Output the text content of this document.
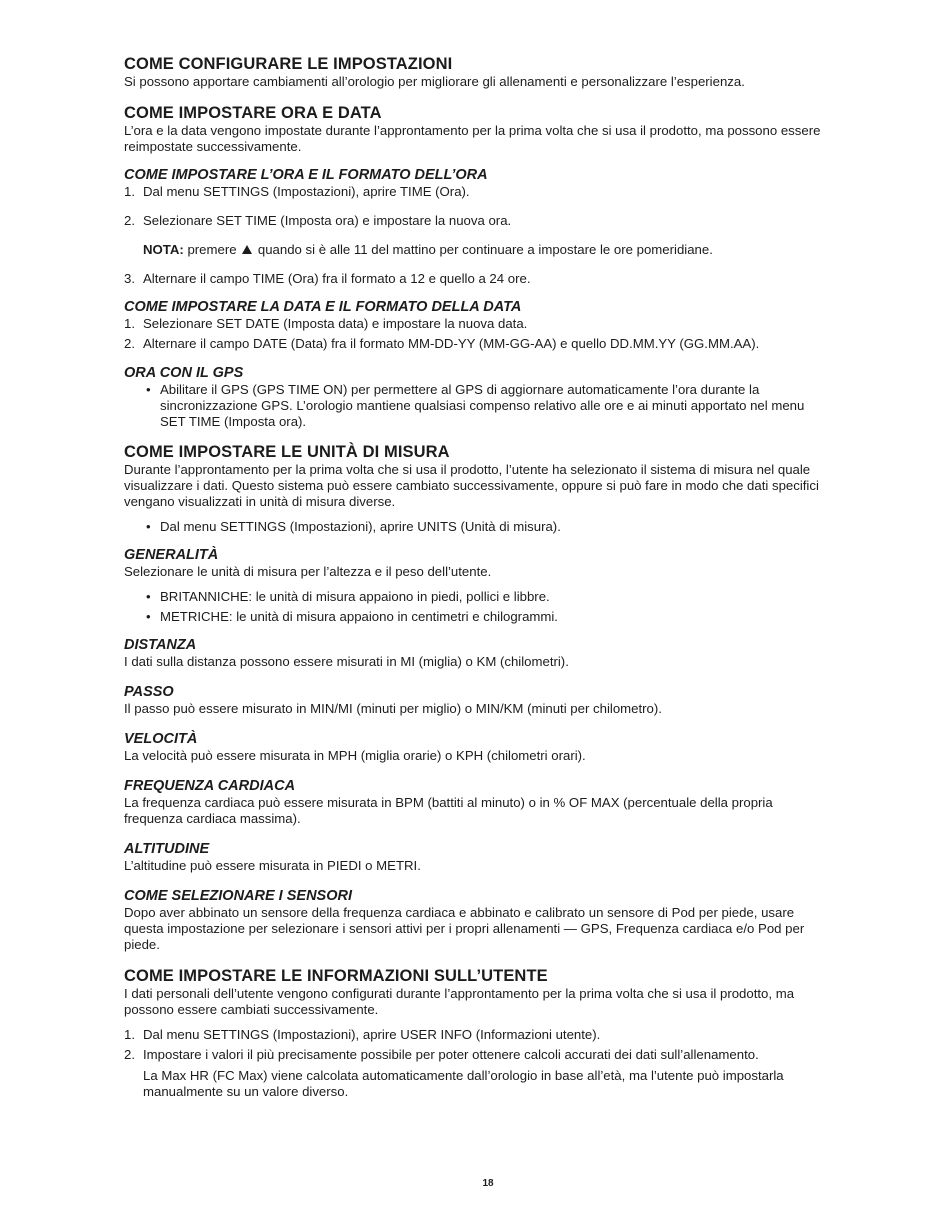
COME CONFIGURARE LE IMPOSTAZIONI

Si possono apportare cambiamenti all’orologio per migliorare gli allenamenti e personalizzare l’esperienza.

COME IMPOSTARE ORA E DATA

L’ora e la data vengono impostate durante l’approntamento per la prima volta che si usa il prodotto, ma possono essere reimpostate successivamente.

COME IMPOSTARE L’ORA E IL FORMATO DELL’ORA
1. Dal menu SETTINGS (Impostazioni), aprire TIME (Ora).
2. Selezionare SET TIME (Imposta ora) e impostare la nuova ora.

NOTA: premere  quando si è alle 11 del mattino per continuare a impostare le ore pomeridiane.

3. Alternare il campo TIME (Ora) fra il formato a 12 e quello a 24 ore.
COME IMPOSTARE LA DATA E IL FORMATO DELLA DATA
1. Selezionare SET DATE (Imposta data) e impostare la nuova data.
2. Alternare il campo DATE (Data) fra il formato MM-DD-YY (MM-GG-AA) e quello DD.MM.YY (GG.MM.AA).
ORA CON IL GPS
• Abilitare il GPS (GPS TIME ON) per permettere al GPS di aggiornare automaticamente l’ora durante la sincronizzazione GPS. L’orologio mantiene qualsiasi compenso relativo alle ore e ai minuti apportato nel menu SET TIME (Imposta ora).
COME IMPOSTARE LE UNITÀ DI MISURA

Durante l’approntamento per la prima volta che si usa il prodotto, l’utente ha selezionato il sistema di misura nel quale visualizzare i dati. Questo sistema può essere cambiato successivamente, oppure si può fare in modo che dati specifici vengano visualizzati in unità di misura diverse.

• Dal menu SETTINGS (Impostazioni), aprire UNITS (Unità di misura).
GENERALITÀ

Selezionare le unità di misura per l’altezza e il peso dell’utente.

• BRITANNICHE: le unità di misura appaiono in piedi, pollici e libbre.
• METRICHE: le unità di misura appaiono in centimetri e chilogrammi.
DISTANZA

I dati sulla distanza possono essere misurati in MI (miglia) o KM (chilometri).

PASSO

Il passo può essere misurato in MIN/MI (minuti per miglio) o MIN/KM (minuti per chilometro).

VELOCITÀ

La velocità può essere misurata in MPH (miglia orarie) o KPH (chilometri orari).

FREQUENZA CARDIACA

La frequenza cardiaca può essere misurata in BPM (battiti al minuto) o in % OF MAX (percentuale della propria frequenza cardiaca massima).

ALTITUDINE

L’altitudine può essere misurata in PIEDI o METRI.

COME SELEZIONARE I SENSORI

Dopo aver abbinato un sensore della frequenza cardiaca e abbinato e calibrato un sensore di Pod per piede, usare questa impostazione per selezionare i sensori attivi per i propri allenamenti — GPS, Frequenza cardiaca e/o Pod per piede.

COME IMPOSTARE LE INFORMAZIONI SULL’UTENTE

I dati personali dell’utente vengono configurati durante l’approntamento per la prima volta che si usa il prodotto, ma possono essere cambiati successivamente.

1. Dal menu SETTINGS (Impostazioni), aprire USER INFO (Informazioni utente).
2. Impostare i valori il più precisamente possibile per poter ottenere calcoli accurati dei dati sull’allenamento.

La Max HR (FC Max) viene calcolata automaticamente dall’orologio in base all’età, ma l’utente può impostarla manualmente su un valore diverso.

18
